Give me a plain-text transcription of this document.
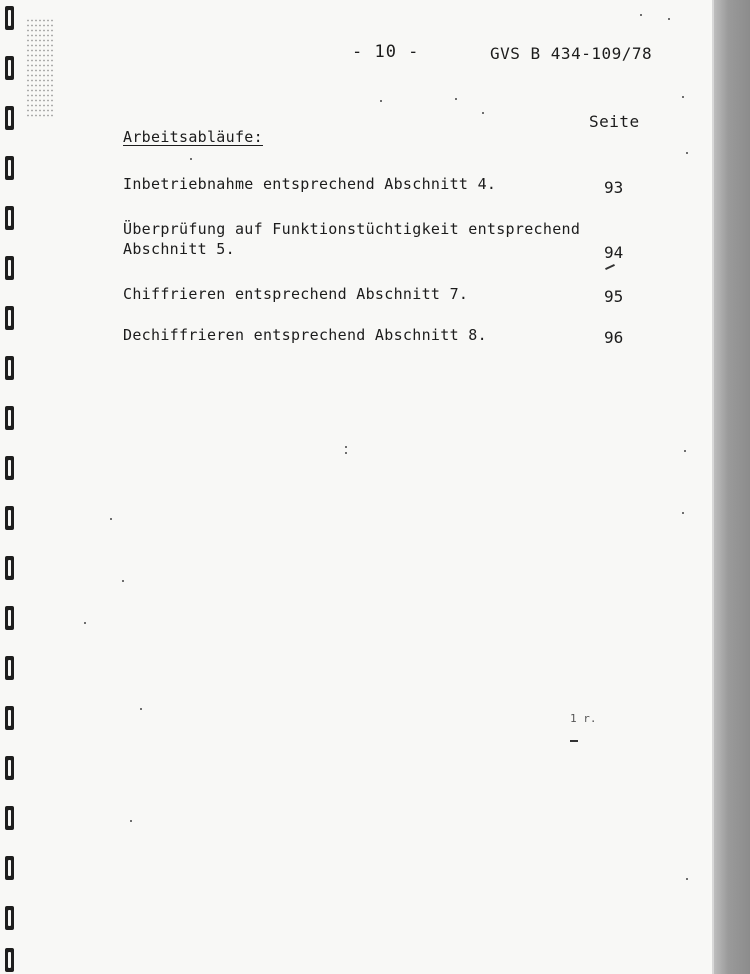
- 10 -	GVS B 434-109/78
Seite
Arbeitsabläufe:
Inbetriebnahme entsprechend Abschnitt 4.	93
Überprüfung auf Funktionstüchtigkeit entsprechend
Abschnitt 5.	94
Chiffrieren entsprechend Abschnitt 7.	95
Dechiffrieren entsprechend Abschnitt 8.	96
1 r.
